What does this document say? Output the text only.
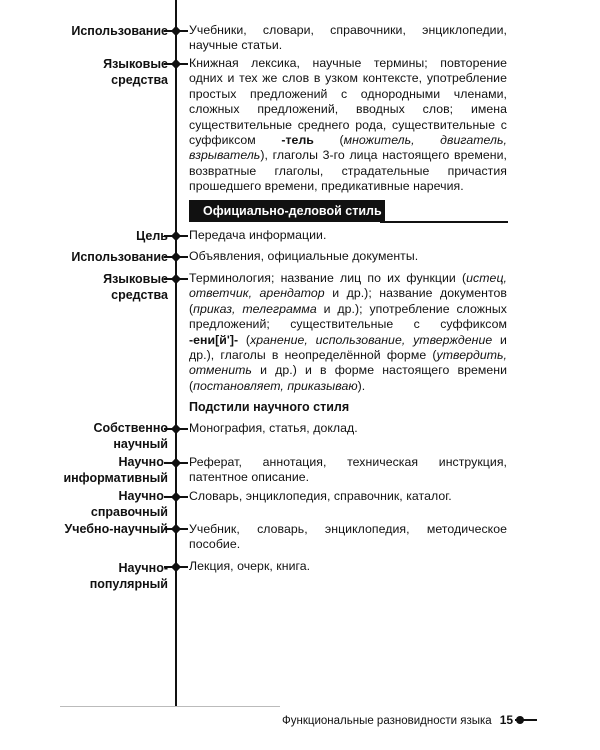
Использование Учебники, словари, справочники, энциклопедии, научные статьи.
Языковые
средства
Книжная лексика, научные термины; повторение одних и тех же слов в узком контексте, употребление простых предложений с однородными членами, сложных предложений, вводных слов; имена существительные среднего рода, существительные с суффиксом -тель (множитель, двигатель, взрыватель), глаголы 3-го лица настоящего времени, возвратные глаголы, страдательные причастия прошедшего времени, предикативные наречия.
Официально-деловой стиль
Цель Передача информации.
Использование Объявления, официальные документы.
Языковые
средства
Терминология; название лиц по их функции (истец, ответчик, арендатор и др.); название документов (приказ, телеграмма и др.); употребление сложных предложений; существительные с суффиксом -ени[й']- (хранение, использование, утверждение и др.), глаголы в неопределённой форме (утвердить, отменить и др.) и в форме настоящего времени (постановляет, приказываю).
Подстили научного стиля
Собственно
научный
Монография, статья, доклад.
Научно-
информативный
Реферат, аннотация, техническая инструкция, патентное описание.
Научно-
справочный
Словарь, энциклопедия, справочник, каталог.
Учебно-научный Учебник, словарь, энциклопедия, методическое пособие.
Научно-
популярный
Лекция, очерк, книга.
Функциональные разновидности языка 15
